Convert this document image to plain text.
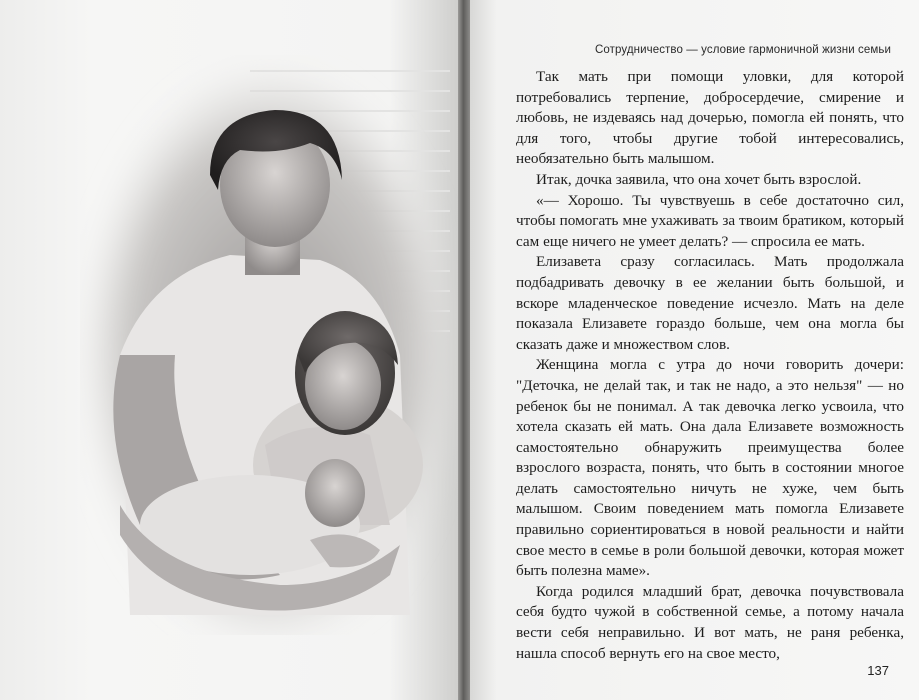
Сотрудничество — условие гармоничной жизни семьи

Так мать при помощи уловки, для которой потребовались терпение, добросердечие, смирение и любовь, не издеваясь над дочерью, помогла ей понять, что для того, чтобы другие тобой интересовались, необязательно быть малышом.

Итак, дочка заявила, что она хочет быть взрослой.

«— Хорошо. Ты чувствуешь в себе достаточно сил, чтобы помогать мне ухаживать за твоим братиком, который сам еще ничего не умеет делать? — спросила ее мать.

Елизавета сразу согласилась. Мать продолжала подбадривать девочку в ее желании быть большой, и вскоре младенческое поведение исчезло. Мать на деле показала Елизавете гораздо больше, чем она могла бы сказать даже и множеством слов.

Женщина могла с утра до ночи говорить дочери: "Деточка, не делай так, и так не надо, а это нельзя" — но ребенок бы не понимал. А так девочка легко усвоила, что хотела сказать ей мать. Она дала Елизавете возможность самостоятельно обнаружить преимущества более взрослого возраста, понять, что быть в состоянии многое делать самостоятельно ничуть не хуже, чем быть малышом. Своим поведением мать помогла Елизавете правильно сориентироваться в новой реальности и найти свое место в семье в роли большой девочки, которая может быть полезна маме».

Когда родился младший брат, девочка почувствовала себя будто чужой в собственной семье, а потому начала вести себя неправильно. И вот мать, не раня ребенка, нашла способ вернуть его на свое место,

137
